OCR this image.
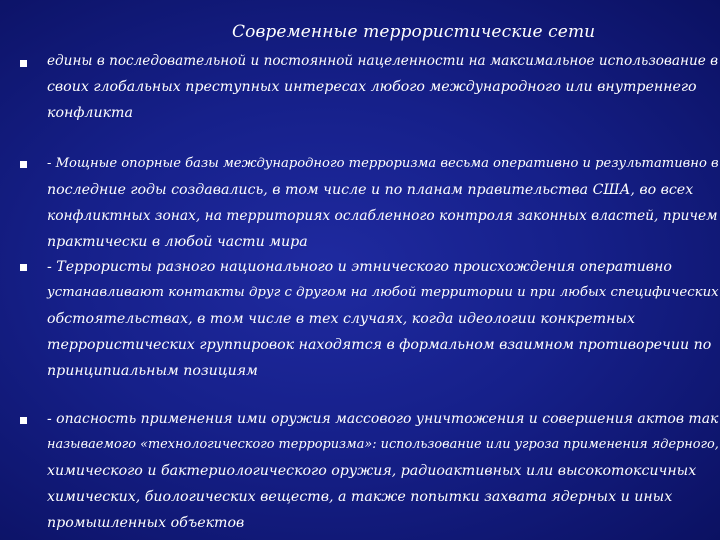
Современные террористические сети
едины в последовательной и постоянной нацеленности на максимальное использование в
своих глобальных преступных интересах любого международного или внутреннего
конфликта
- Мощные опорные базы международного терроризма весьма оперативно и результативно в
последние годы создавались, в том числе и по планам правительства США, во всех
конфликтных зонах, на территориях ослабленного контроля законных властей, причем
практически в любой части мира
- Террористы разного национального и этнического происхождения оперативно
устанавливают контакты друг с другом на любой территории и при любых специфических
обстоятельствах, в том числе в тех случаях, когда идеологии конкретных
террористических группировок находятся в формальном взаимном противоречии по
принципиальным позициям
- опасность применения ими оружия массового уничтожения и совершения актов так
называемого «технологического терроризма»: использование или угроза применения ядерного,
химического и бактериологического оружия, радиоактивных или высокотоксичных
химических, биологических веществ, а также попытки захвата ядерных и иных
промышленных объектов
